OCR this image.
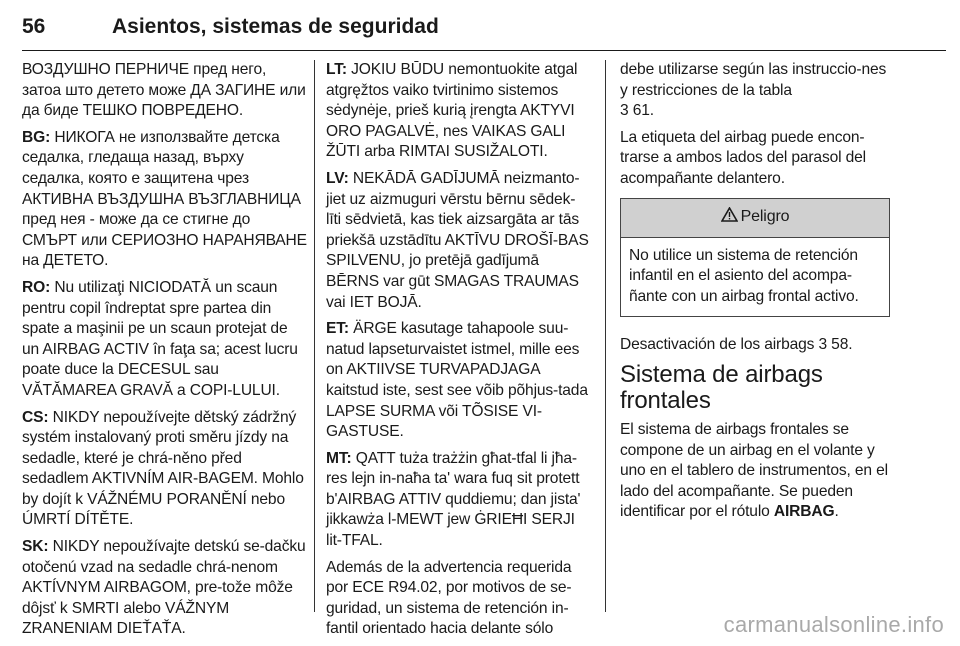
56	Asientos, sistemas de seguridad

ВОЗДУШНО ПЕРНИЧЕ пред него, затоа што детето може ДА ЗАГИНЕ или да биде ТЕШКО ПОВРЕДЕНО.

BG: НИКОГА не използвайте детска седалка, гледаща назад, върху седалка, която е защитена чрез АКТИВНА ВЪЗДУШНА ВЪЗГЛАВНИЦА пред нея - може да се стигне до СМЪРТ или СЕРИОЗНО НАРАНЯВАНЕ на ДЕТЕТО.

RO: Nu utilizaţi NICIODATĂ un scaun pentru copil îndreptat spre partea din spate a maşinii pe un scaun protejat de un AIRBAG ACTIV în faţa sa; acest lucru poate duce la DECESUL sau VĂTĂMAREA GRAVĂ a COPI-LULUI.

CS: NIKDY nepoužívejte dětský zádržný systém instalovaný proti směru jízdy na sedadle, které je chrá-něno před sedadlem AKTIVNÍM AIR-BAGEM. Mohlo by dojít k VÁŽNÉMU PORANĚNÍ nebo ÚMRTÍ DÍTĚTE.

SK: NIKDY nepoužívajte detskú se-dačku otočenú vzad na sedadle chrá-nenom AKTÍVNYM AIRBAGOM, pre-tože môže dôjsť k SMRTI alebo VÁŽNYM ZRANENIAM DIEŤAŤA.

LT: JOKIU BŪDU nemontuokite atgal atgręžtos vaiko tvirtinimo sistemos sėdynėje, prieš kurią įrengta AKTYVI ORO PAGALVĖ, nes VAIKAS GALI ŽŪTI arba RIMTAI SUSIŽALOTI.

LV: NEKĀDĀ GADĪJUMĀ neizmanto-jiet uz aizmuguri vērstu bērnu sēdek-līti sēdvietā, kas tiek aizsargāta ar tās priekšā uzstādītu AKTĪVU DROŠĪ-BAS SPILVENU, jo pretējā gadījumā BĒRNS var gūt SMAGAS TRAUMAS vai IET BOJĀ.

ET: ÄRGE kasutage tahapoole suu-natud lapseturvaistet istmel, mille ees on AKTIIVSE TURVAPADJAGA kaitstud iste, sest see võib põhjus-tada LAPSE SURMA või TÕSISE VI-GASTUSE.

MT: QATT tuża trażżin għat-tfal li jħa-res lejn in-naħa ta' wara fuq sit protett b'AIRBAG ATTIV quddiemu; dan jista' jikkawża l-MEWT jew ĠRIEĦI SERJI lit-TFAL.

Además de la advertencia requerida por ECE R94.02, por motivos de se-guridad, un sistema de retención in-fantil orientado hacia delante sólo

debe utilizarse según las instruccio-nes y restricciones de la tabla
3 61.

La etiqueta del airbag puede encon-trarse a ambos lados del parasol del acompañante delantero.

Peligro
No utilice un sistema de retención infantil en el asiento del acompa-ñante con un airbag frontal activo.

Desactivación de los airbags 3 58.

Sistema de airbags frontales

El sistema de airbags frontales se compone de un airbag en el volante y uno en el tablero de instrumentos, en el lado del acompañante. Se pueden identificar por el rótulo AIRBAG.

carmanualsonline.info
